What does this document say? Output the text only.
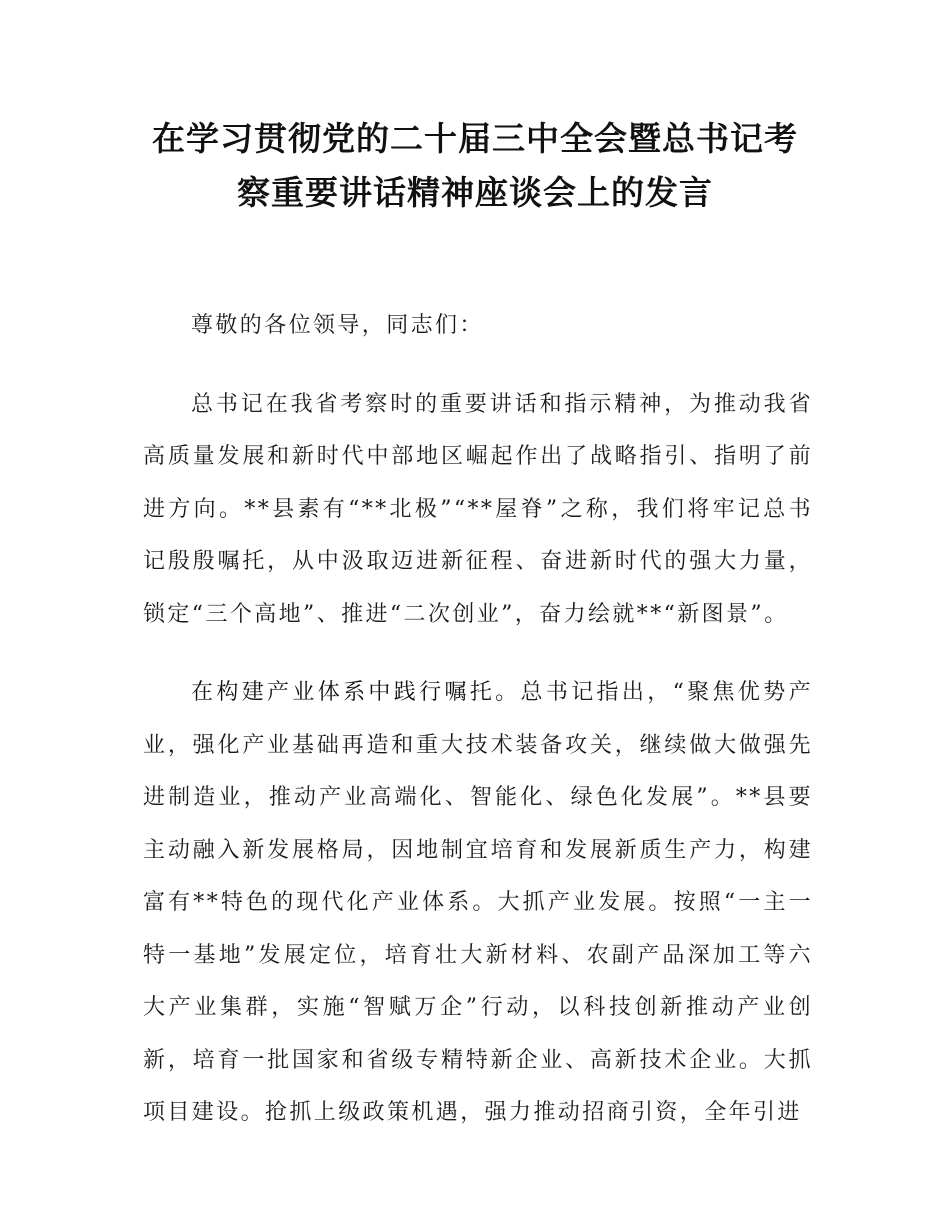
在学习贯彻党的二十届三中全会暨总书记考
察重要讲话精神座谈会上的发言

尊敬的各位领导，同志们：

总书记在我省考察时的重要讲话和指示精神，为推动我省高质量发展和新时代中部地区崛起作出了战略指引、指明了前进方向。**县素有“**北极”“**屋脊”之称，我们将牢记总书记殷殷嘱托，从中汲取迈进新征程、奋进新时代的强大力量，锁定“三个高地”、推进“二次创业”，奋力绘就**“新图景”。

在构建产业体系中践行嘱托。总书记指出，“聚焦优势产业，强化产业基础再造和重大技术装备攻关，继续做大做强先进制造业，推动产业高端化、智能化、绿色化发展”。**县要主动融入新发展格局，因地制宜培育和发展新质生产力，构建富有**特色的现代化产业体系。大抓产业发展。按照“一主一特一基地”发展定位，培育壮大新材料、农副产品深加工等六大产业集群，实施“智赋万企”行动，以科技创新推动产业创新，培育一批国家和省级专精特新企业、高新技术企业。大抓项目建设。抢抓上级政策机遇，强力推动招商引资，全年引进
